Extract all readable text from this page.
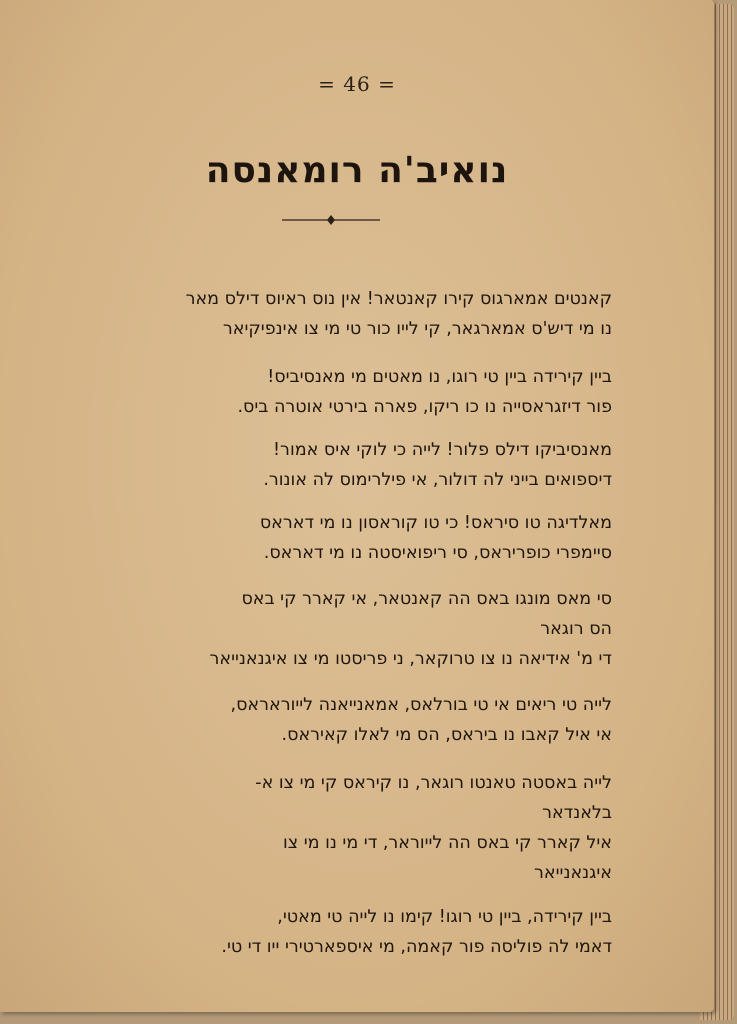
= 46 =
נואיב'ה רומאנסה
קאנטים אמארגוס קירו קאנטאר! אין נוס ראיוס דילס מאר
נו מי דיש'ס אמארגאר, קי לייו כור טי מי צו אינפיקיאר
ביין קירידה ביין טי רוגו, נו מאטים מי מאנסיביס!
פור דיזגראסייה נו כו ריקו, פארה בירטי אוטרה ביס.
מאנסיביקו דילס פלור! לייה כי לוקי איס אמור!
דיספואים בייני לה דולור, אי פילרימוס לה אונור.
מאלדיגה טו סיראס! כי טו קוראסון נו מי דאראס
סיימפרי כופריראס, סי ריפואיסטה נו מי דאראס.
סי מאס מונגו באס הה קאנטאר, אי קארר קי באס
הס רוגאר
די מ' אידיאה נו צו טרוקאר, ני פריסטו מי צו איגנאנייאר
לייה טי ריאים אי טי בורלאס, אמאנייאנה לייוראראס,
אי איל קאבו נו ביראס, הס מי לאלו קאיראס.
לייה באסטה טאנטו רוגאר, נו קיראס קי מי צו א-
בלאנדאר
איל קארר קי באס הה לייוראר, די מי נו מי צו
איגנאנייאר
ביין קירידה, ביין טי רוגו! קימו נו לייה טי מאטי,
דאמי לה פוליסה פור קאמה, מי איספארטירי ייו די טי.
